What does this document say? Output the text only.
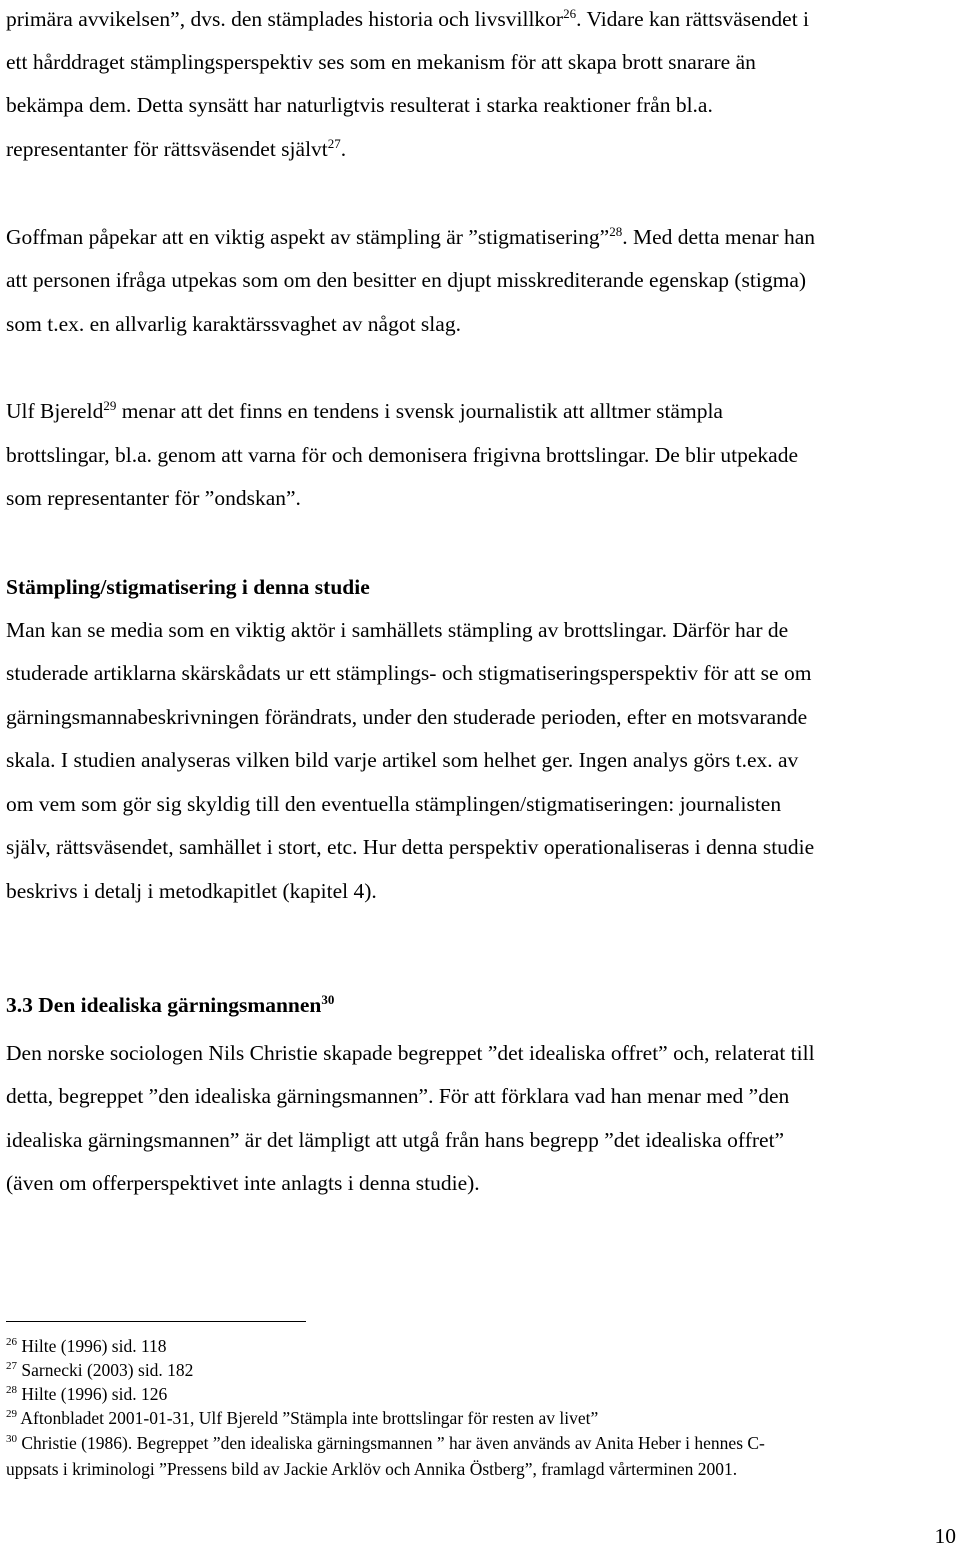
primära avvikelsen”, dvs. den stämplades historia och livsvillkor$^{26}$. Vidare kan rättsväsendet i
ett hårddraget stämplingsperspektiv ses som en mekanism för att skapa brott snarare än
bekämpa dem. Detta synsätt har naturligtvis resulterat i starka reaktioner från bl.a.
representanter för rättsväsendet självt$^{27}$.
Goffman påpekar att en viktig aspekt av stämpling är ”stigmatisering”$^{28}$. Med detta menar han
att personen ifråga utpekas som om den besitter en djupt misskrediterande egenskap (stigma)
som t.ex. en allvarlig karaktärssvaghet av något slag.
Ulf Bjereld$^{29}$ menar att det finns en tendens i svensk journalistik att alltmer stämpla
brottslingar, bl.a. genom att varna för och demonisera frigivna brottslingar. De blir utpekade
som representanter för ”ondskan”.
Stämpling/stigmatisering i denna studie
Man kan se media som en viktig aktör i samhällets stämpling av brottslingar. Därför har de
studerade artiklarna skärskådats ur ett stämplings- och stigmatiseringsperspektiv för att se om
gärningsmannabeskrivningen förändrats, under den studerade perioden, efter en motsvarande
skala. I studien analyseras vilken bild varje artikel som helhet ger. Ingen analys görs t.ex. av
om vem som gör sig skyldig till den eventuella stämplingen/stigmatiseringen: journalisten
själv, rättsväsendet, samhället i stort, etc. Hur detta perspektiv operationaliseras i denna studie
beskrivs i detalj i metodkapitlet (kapitel 4).
3.3 Den idealiska gärningsmannen$^{30}$
Den norske sociologen Nils Christie skapade begreppet ”det idealiska offret” och, relaterat till
detta, begreppet ”den idealiska gärningsmannen”. För att förklara vad han menar med ”den
idealiska gärningsmannen” är det lämpligt att utgå från hans begrepp ”det idealiska offret”
(även om offerperspektivet inte anlagts i denna studie).
$^{26}$ Hilte (1996) sid. 118
$^{27}$ Sarnecki (2003) sid. 182
$^{28}$ Hilte (1996) sid. 126
$^{29}$ Aftonbladet 2001-01-31, Ulf Bjereld ”Stämpla inte brottslingar för resten av livet”
$^{30}$ Christie (1986). Begreppet ”den idealiska gärningsmannen ” har även används av Anita Heber i hennes C-
uppsats i kriminologi ”Pressens bild av Jackie Arklöv och Annika Östberg”, framlagd vårterminen 2001.
10
